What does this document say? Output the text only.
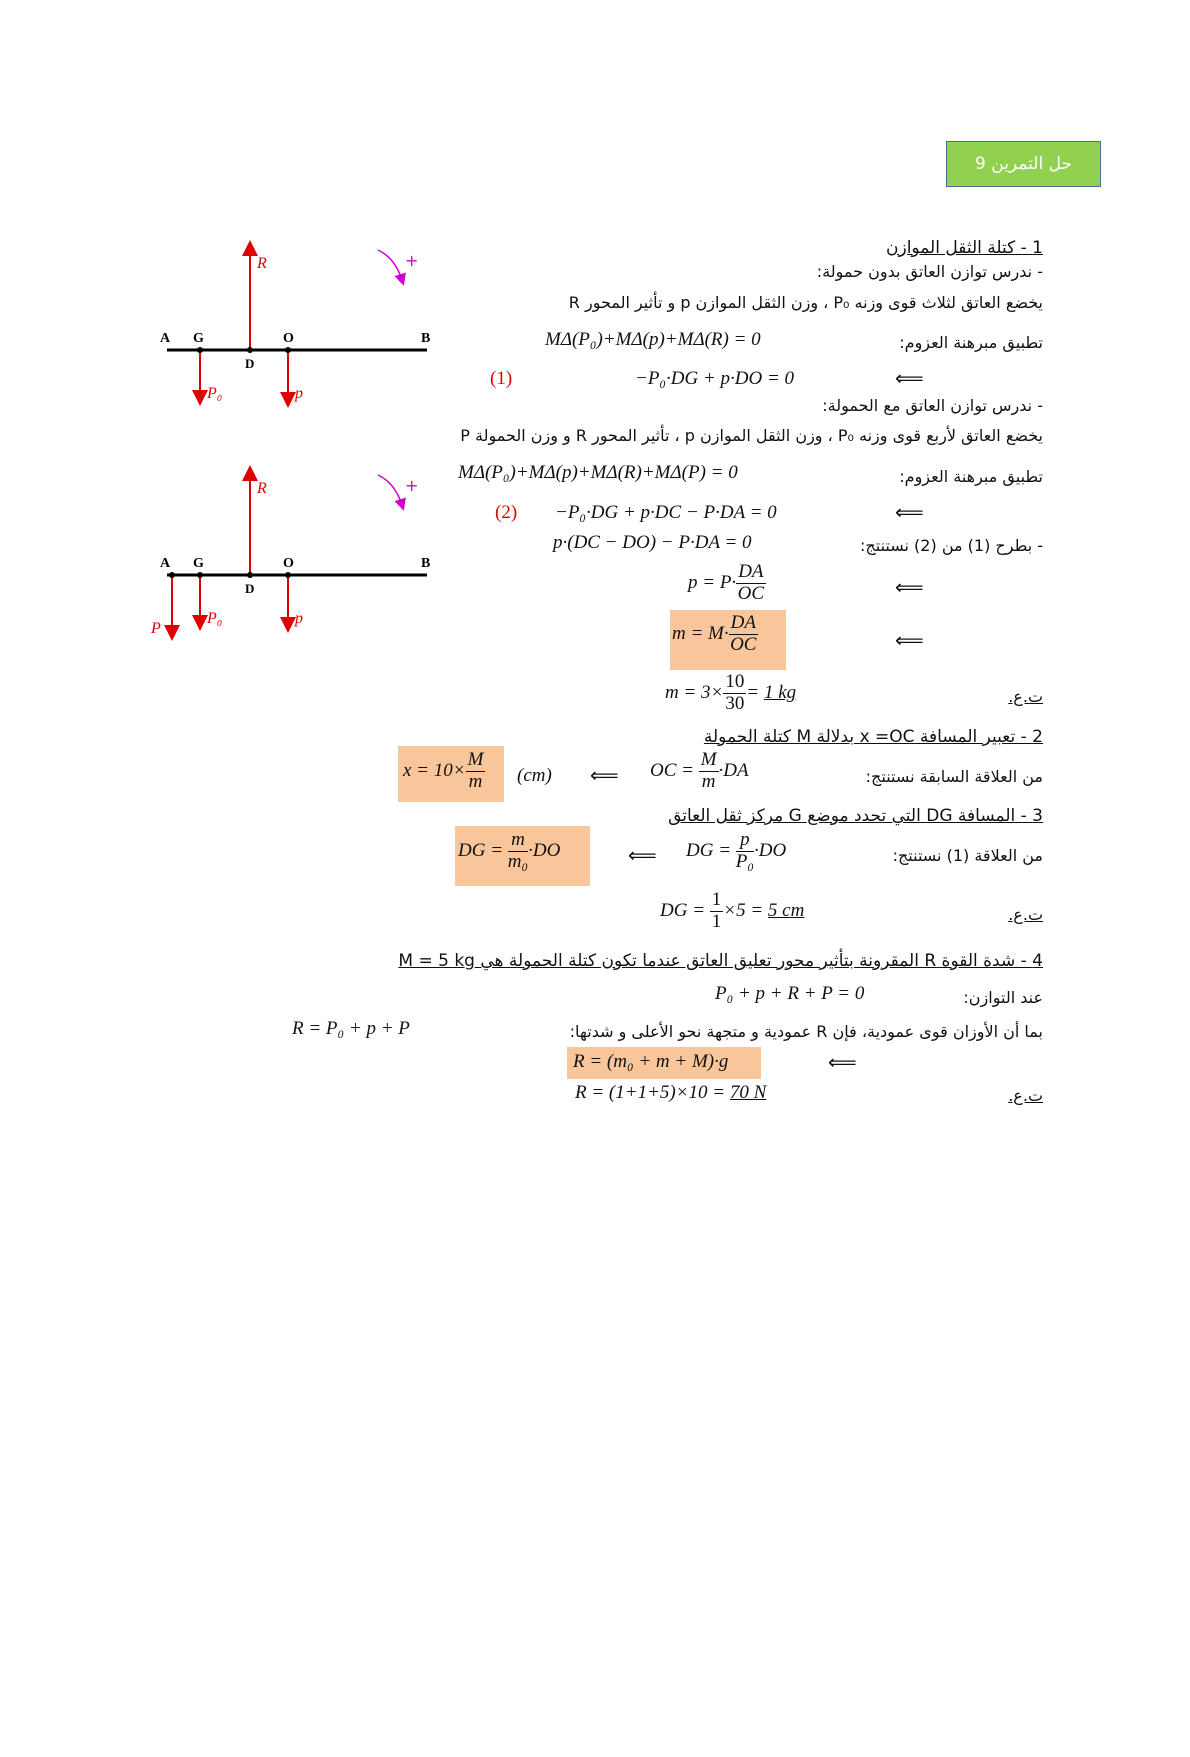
حل التمرين 9
+
A G	O	B
D
R
P₀	p
+
A G	O	B
D
R
P
P₀	p
1 - كتلة الثقل الموازن
- ندرس توازن العاتق بدون حمولة:
يخضع العاتق لثلاث قوى وزنه P₀ ، وزن الثقل الموازن p و تأثير المحور R
تطبيق مبرهنة العزوم:
MΔ(P₀)+MΔ(p)+MΔ(R) = 0
⟸
−P₀·DG + p·DO = 0
(1)
- ندرس توازن العاتق مع الحمولة:
يخضع العاتق لأربع قوى وزنه P₀ ، وزن الثقل الموازن p ، تأثير المحور R و وزن الحمولة P
تطبيق مبرهنة العزوم:
MΔ(P₀)+MΔ(p)+MΔ(R)+MΔ(P) = 0
⟸
−P₀·DG + p·DC − P·DA = 0
(2)
- بطرح (1) من (2) نستنتج:
p·(DC − DO) − P·DA = 0
⟸
$p = P\cdot \frac{DA}{OC}$
⟸
$m = M\cdot \frac{DA}{OC}$
ت.ع.
$m = 3\times \frac{10}{30} = 1$ kg
2 - تعبير المسافة x =OC بدلالة M كتلة الحمولة
من العلاقة السابقة نستنتج:
OC = $\frac{M}{m} \cdot DA$
⟸
(cm)
$x = 10\times \frac{M}{m}$
3 - المسافة DG التي تحدد موضع G مركز ثقل العاتق
من العلاقة (1) نستنتج:
DG = $\frac{p}{\text{P₀}} \cdot DO$
⟸
DG = $\frac{m}{\text{m₀}} \cdot DO$
ت.ع.
DG = $\frac{1}{1} \times 5 = 5$ cm
4 - شدة القوة R المقرونة بتأثير محور تعليق العاتق عندما تكون كتلة الحمولة هي M = 5 kg
عند التوازن:
P₀ + p + R + P = 0
بما أن الأوزان قوى عمودية، فإن R عمودية و متجهة نحو الأعلى و شدتها:
R = P₀ + p + P
⟸
R = (m₀ + m + M)·g
ت.ع.
R = (1+1+5)×10 = 70 N
